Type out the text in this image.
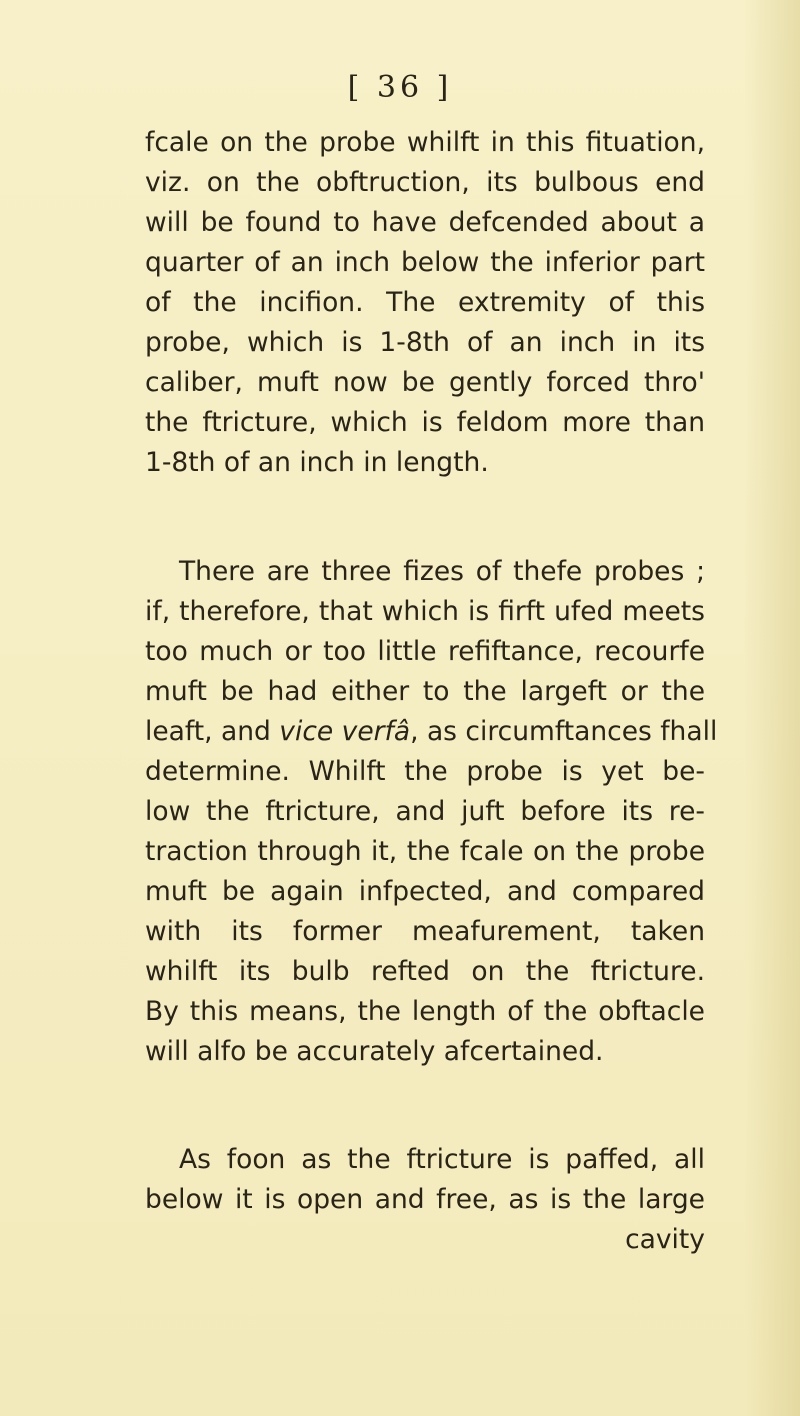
[ 36 ]
fcale on the probe whilft in this fituation,
viz. on the obftruction, its bulbous end
will be found to have defcended about a
quarter of an inch below the inferior part
of the incifion. The extremity of this
probe, which is 1-8th of an inch in its
caliber, muft now be gently forced thro'
the ftricture, which is feldom more than
1-8th of an inch in length.
There are three fizes of thefe probes ;
if, therefore, that which is firft ufed meets
too much or too little refiftance, recourfe
muft be had either to the largeft or the
leaft, and vice verfâ, as circumftances fhall
determine. Whilft the probe is yet be-
low the ftricture, and juft before its re-
traction through it, the fcale on the probe
muft be again infpected, and compared
with its former meafurement, taken
whilft its bulb refted on the ftricture.
By this means, the length of the obftacle
will alfo be accurately afcertained.
As foon as the ftricture is paffed, all
below it is open and free, as is the large
cavity
